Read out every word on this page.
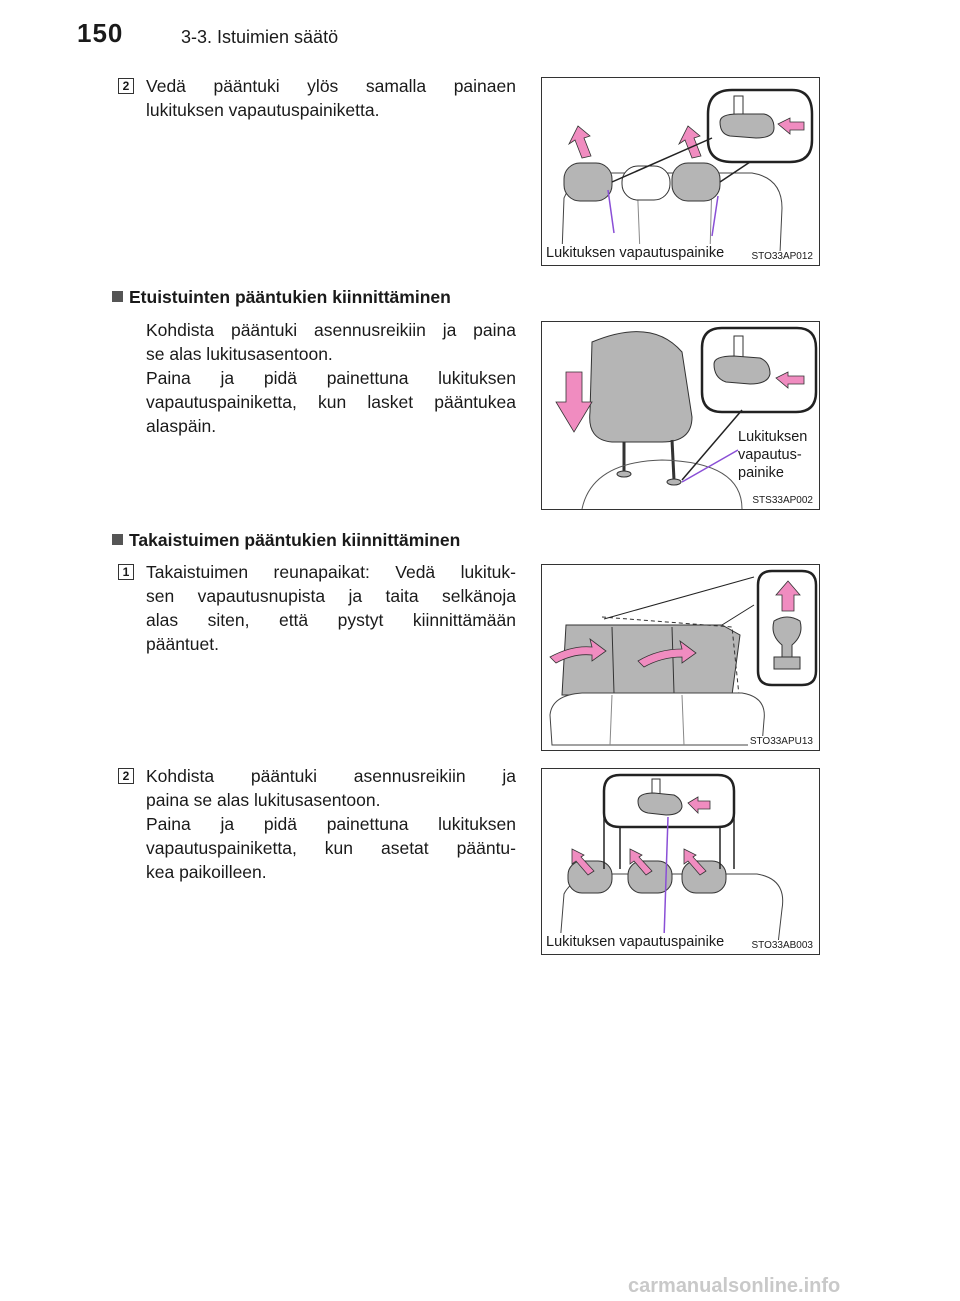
150	3-3. Istuimien säätö
2 Vedä pääntuki ylös samalla painaen
lukituksen vapautuspainiketta.
Lukituksen vapautuspainike	STO33AP012
Etuistuinten pääntukien kiinnittäminen
Kohdista pääntuki asennusreikiin ja paina
se alas lukitusasentoon.
Paina ja pidä painettuna lukituksen
vapautuspainiketta, kun lasket pääntukea
alaspäin.
Lukituksen
vapautus-
painike
STS33AP002
Takaistuimen pääntukien kiinnittäminen
1 Takaistuimen reunapaikat: Vedä lukituk-
sen vapautusnupista ja taita selkänoja
alas siten, että pystyt kiinnittämään
pääntuet.
STO33APU13
2 Kohdista pääntuki asennusreikiin ja
paina se alas lukitusasentoon.
Paina ja pidä painettuna lukituksen
vapautuspainiketta, kun asetat pääntu-
kea paikoilleen.
Lukituksen vapautuspainike	STO33AB003
carmanualsonline.info
